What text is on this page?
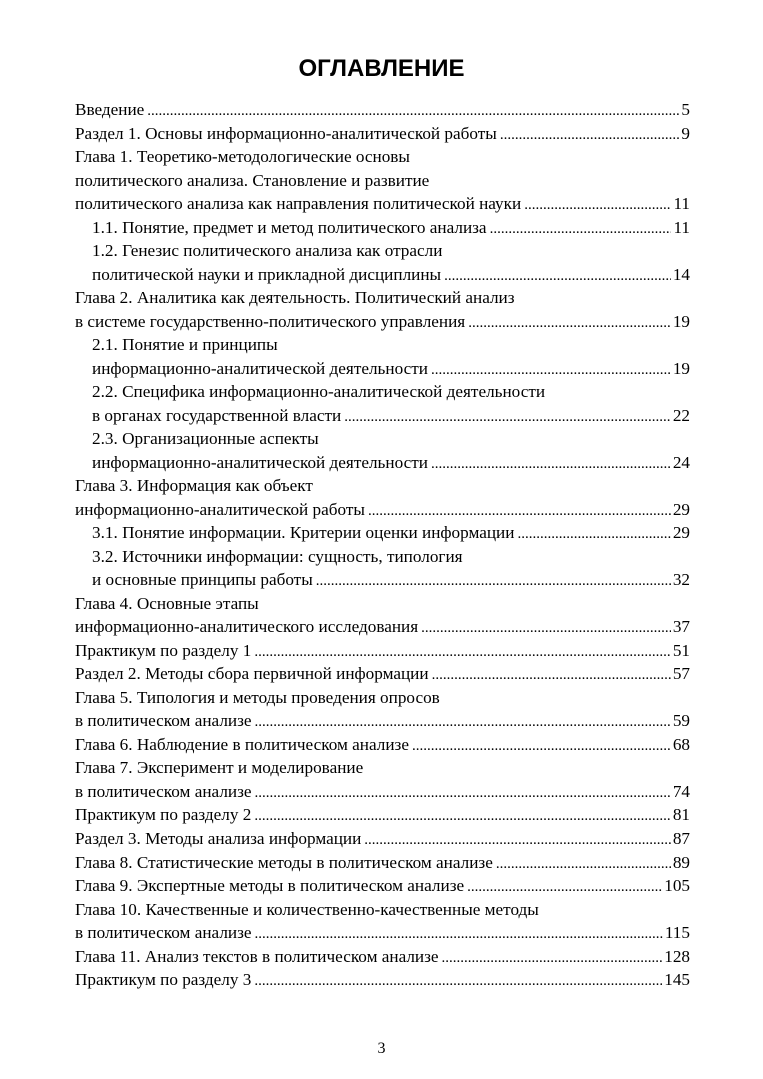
ОГЛАВЛЕНИЕ
Введение .....	5
Раздел 1. Основы информационно-аналитической работы .....	9
Глава 1. Теоретико-методологические основы
политического анализа. Становление и развитие
политического анализа как направления политической науки .....	11
1.1. Понятие, предмет и метод политического анализа .....	11
1.2. Генезис политического анализа как отрасли
политической науки и прикладной дисциплины .....	14
Глава 2. Аналитика как деятельность. Политический анализ
в системе государственно-политического управления .....	19
2.1. Понятие и принципы
информационно-аналитической деятельности .....	19
2.2. Специфика информационно-аналитической деятельности
в органах государственной власти .....	22
2.3. Организационные аспекты
информационно-аналитической деятельности .....	24
Глава 3. Информация как объект
информационно-аналитической работы .....	29
3.1. Понятие информации. Критерии оценки информации .....	29
3.2. Источники информации: сущность, типология
и основные принципы работы .....	32
Глава 4. Основные этапы
информационно-аналитического исследования .....	37
Практикум по разделу 1 .....	51
Раздел 2. Методы сбора первичной информации .....	57
Глава 5. Типология и методы проведения опросов
в политическом анализе .....	59
Глава 6. Наблюдение в политическом анализе .....	68
Глава 7. Эксперимент и моделирование
в политическом анализе .....	74
Практикум по разделу 2 .....	81
Раздел 3. Методы анализа информации .....	87
Глава 8. Статистические методы в политическом анализе .....	89
Глава 9. Экспертные методы в политическом анализе .....	105
Глава 10. Качественные и количественно-качественные методы
в политическом анализе .....	115
Глава 11. Анализ текстов в политическом анализе .....	128
Практикум по разделу 3 .....	145
3
